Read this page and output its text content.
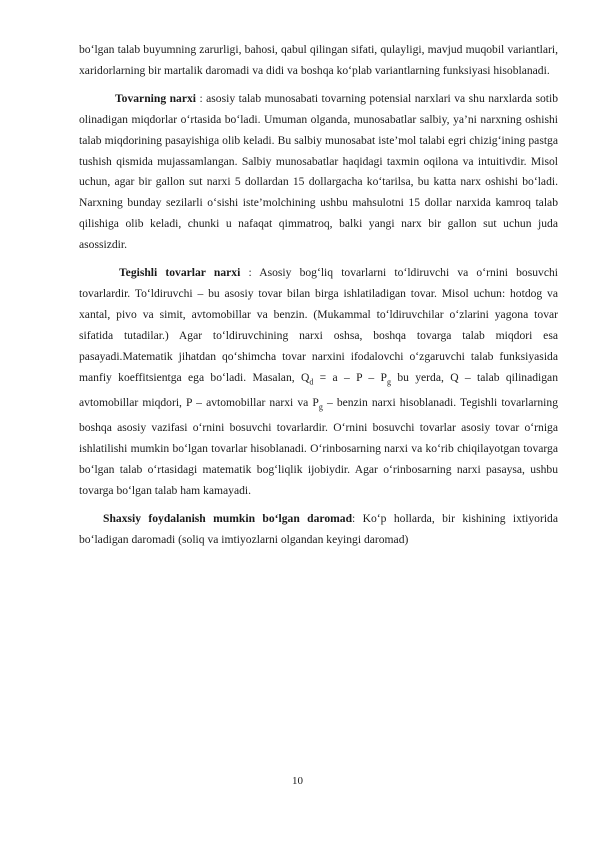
bo‘lgan talab buyumning zarurligi, bahosi, qabul qilingan sifati, qulayligi, mavjud muqobil variantlari, xaridorlarning bir martalik daromadi va didi va boshqa ko‘plab variantlarning funksiyasi hisoblanadi.

Tovarning narxi : asosiy talab munosabati tovarning potensial narxlari va shu narxlarda sotib olinadigan miqdorlar o‘rtasida bo‘ladi. Umuman olganda, munosabatlar salbiy, ya’ni narxning oshishi talab miqdorining pasayishiga olib keladi. Bu salbiy munosabat iste’mol talabi egri chizig‘ining pastga tushish qismida mujassamlangan. Salbiy munosabatlar haqidagi taxmin oqilona va intuitivdir. Misol uchun, agar bir gallon sut narxi 5 dollardan 15 dollargacha ko‘tarilsa, bu katta narx oshishi bo‘ladi. Narxning bunday sezilarli o‘sishi iste’molchining ushbu mahsulotni 15 dollar narxida kamroq talab qilishiga olib keladi, chunki u nafaqat qimmatroq, balki yangi narx bir gallon sut uchun juda asossizdir.

Tegishli tovarlar narxi : Asosiy bog‘liq tovarlarni to‘ldiruvchi va o‘rnini bosuvchi tovarlardir. To‘ldiruvchi – bu asosiy tovar bilan birga ishlatiladigan tovar. Misol uchun: hotdog va xantal, pivo va simit, avtomobillar va benzin. (Mukammal to‘ldiruvchilar o‘zlarini yagona tovar sifatida tutadilar.) Agar to‘ldiruvchining narxi oshsa, boshqa tovarga talab miqdori esa pasayadi.Matematik jihatdan qo‘shimcha tovar narxini ifodalovchi o‘zgaruvchi talab funksiyasida manfiy koeffitsientga ega bo‘ladi. Masalan, $Q_d = a - P - P_g$ bu yerda, Q – talab qilinadigan avtomobillar miqdori, P – avtomobillar narxi va $P_g$ – benzin narxi hisoblanadi. Tegishli tovarlarning boshqa asosiy vazifasi o‘rnini bosuvchi tovarlardir. O‘rnini bosuvchi tovarlar asosiy tovar o‘rniga ishlatilishi mumkin bo‘lgan tovarlar hisoblanadi. O‘rinbosarning narxi va ko‘rib chiqilayotgan tovarga bo‘lgan talab o‘rtasidagi matematik bog‘liqlik ijobiydir. Agar o‘rinbosarning narxi pasaysa, ushbu tovarga bo‘lgan talab ham kamayadi.

Shaxsiy foydalanish mumkin bo‘lgan daromad: Ko‘p hollarda, bir kishining ixtiyorida bo‘ladigan daromadi (soliq va imtiyozlarni olgandan keyingi daromad)

10
